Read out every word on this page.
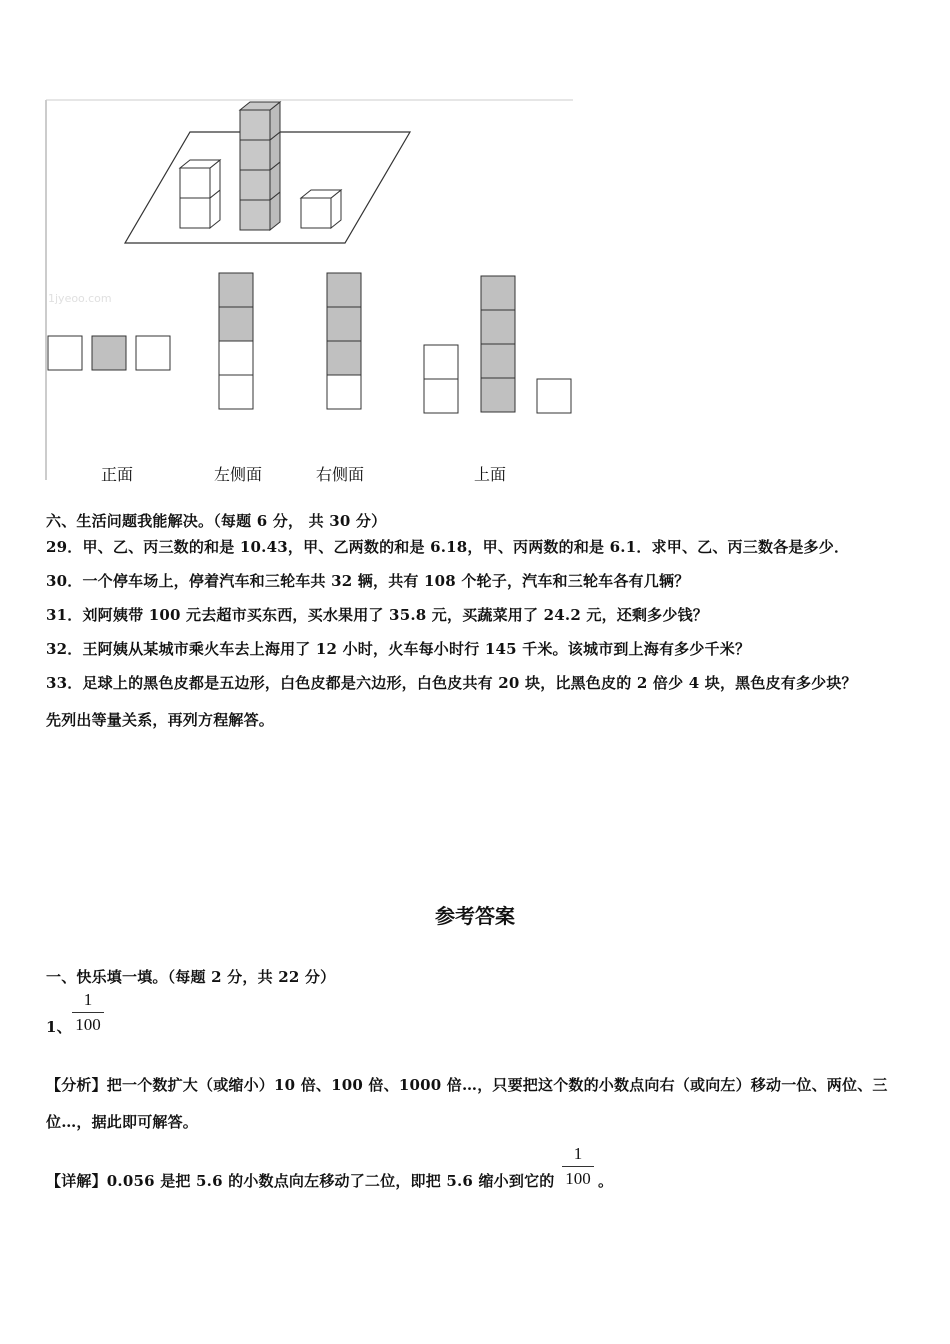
1jyeoo.com
正面	左侧面	右侧面	上面
六、生活问题我能解决。（每题 6 分， 共 30 分）
29．甲、乙、丙三数的和是 10.43，甲、乙两数的和是 6.18，甲、丙两数的和是 6.1．求甲、乙、丙三数各是多少．
30．一个停车场上，停着汽车和三轮车共 32 辆，共有 108 个轮子，汽车和三轮车各有几辆？
31．刘阿姨带 100 元去超市买东西，买水果用了 35.8 元，买蔬菜用了 24.2 元，还剩多少钱？
32．王阿姨从某城市乘火车去上海用了 12 小时，火车每小时行 145 千米。该城市到上海有多少千米？
33．足球上的黑色皮都是五边形，白色皮都是六边形，白色皮共有 20 块，比黑色皮的 2 倍少 4 块，黑色皮有多少块？
先列出等量关系，再列方程解答。
参考答案
一、快乐填一填。（每题 2 分，共 22 分）
1、
1
100
【分析】把一个数扩大（或缩小）10 倍、100 倍、1000 倍…，只要把这个数的小数点向右（或向左）移动一位、两位、三
位…，据此即可解答。
【详解】0.056 是把 5.6 的小数点向左移动了二位，即把 5.6 缩小到它的
1
100 。
